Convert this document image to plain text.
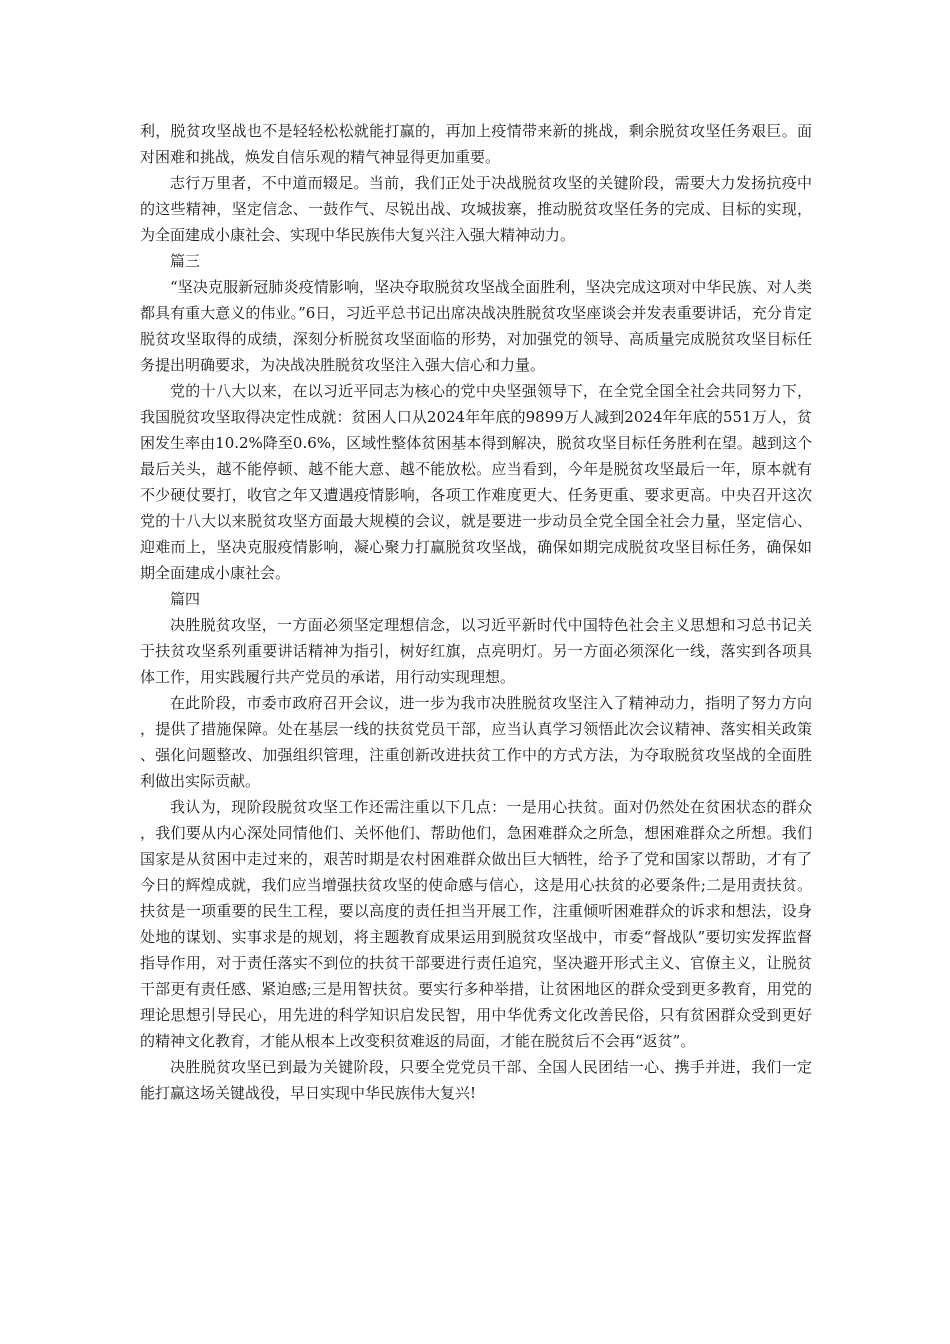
利，脱贫攻坚战也不是轻轻松松就能打赢的，再加上疫情带来新的挑战，剩余脱贫攻坚任务艰巨。面对困难和挑战，焕发自信乐观的精气神显得更加重要。

志行万里者，不中道而辍足。当前，我们正处于决战脱贫攻坚的关键阶段，需要大力发扬抗疫中的这些精神，坚定信念、一鼓作气、尽锐出战、攻城拔寨，推动脱贫攻坚任务的完成、目标的实现，为全面建成小康社会、实现中华民族伟大复兴注入强大精神动力。

篇三

“坚决克服新冠肺炎疫情影响，坚决夺取脱贫攻坚战全面胜利，坚决完成这项对中华民族、对人类都具有重大意义的伟业。”6日，习近平总书记出席决战决胜脱贫攻坚座谈会并发表重要讲话，充分肯定脱贫攻坚取得的成绩，深刻分析脱贫攻坚面临的形势，对加强党的领导、高质量完成脱贫攻坚目标任务提出明确要求，为决战决胜脱贫攻坚注入强大信心和力量。

党的十八大以来，在以习近平同志为核心的党中央坚强领导下，在全党全国全社会共同努力下，我国脱贫攻坚取得决定性成就：贫困人口从2024年年底的9899万人减到2024年年底的551万人，贫困发生率由10.2%降至0.6%，区域性整体贫困基本得到解决，脱贫攻坚目标任务胜利在望。越到这个最后关头，越不能停顿、越不能大意、越不能放松。应当看到，今年是脱贫攻坚最后一年，原本就有不少硬仗要打，收官之年又遭遇疫情影响，各项工作难度更大、任务更重、要求更高。中央召开这次党的十八大以来脱贫攻坚方面最大规模的会议，就是要进一步动员全党全国全社会力量，坚定信心、迎难而上，坚决克服疫情影响，凝心聚力打赢脱贫攻坚战，确保如期完成脱贫攻坚目标任务，确保如期全面建成小康社会。

篇四

决胜脱贫攻坚，一方面必须坚定理想信念，以习近平新时代中国特色社会主义思想和习总书记关于扶贫攻坚系列重要讲话精神为指引，树好红旗，点亮明灯。另一方面必须深化一线，落实到各项具体工作，用实践履行共产党员的承诺，用行动实现理想。

在此阶段，市委市政府召开会议，进一步为我市决胜脱贫攻坚注入了精神动力，指明了努力方向，提供了措施保障。处在基层一线的扶贫党员干部，应当认真学习领悟此次会议精神、落实相关政策、强化问题整改、加强组织管理，注重创新改进扶贫工作中的方式方法，为夺取脱贫攻坚战的全面胜利做出实际贡献。

我认为，现阶段脱贫攻坚工作还需注重以下几点：一是用心扶贫。面对仍然处在贫困状态的群众，我们要从内心深处同情他们、关怀他们、帮助他们，急困难群众之所急，想困难群众之所想。我们国家是从贫困中走过来的，艰苦时期是农村困难群众做出巨大牺牲，给予了党和国家以帮助，才有了今日的辉煌成就，我们应当增强扶贫攻坚的使命感与信心，这是用心扶贫的必要条件;二是用责扶贫。扶贫是一项重要的民生工程，要以高度的责任担当开展工作，注重倾听困难群众的诉求和想法，设身处地的谋划、实事求是的规划，将主题教育成果运用到脱贫攻坚战中，市委“督战队”要切实发挥监督指导作用，对于责任落实不到位的扶贫干部要进行责任追究，坚决避开形式主义、官僚主义，让脱贫干部更有责任感、紧迫感;三是用智扶贫。要实行多种举措，让贫困地区的群众受到更多教育，用党的理论思想引导民心，用先进的科学知识启发民智，用中华优秀文化改善民俗，只有贫困群众受到更好的精神文化教育，才能从根本上改变积贫难返的局面，才能在脱贫后不会再“返贫”。

决胜脱贫攻坚已到最为关键阶段，只要全党党员干部、全国人民团结一心、携手并进，我们一定能打赢这场关键战役，早日实现中华民族伟大复兴!
